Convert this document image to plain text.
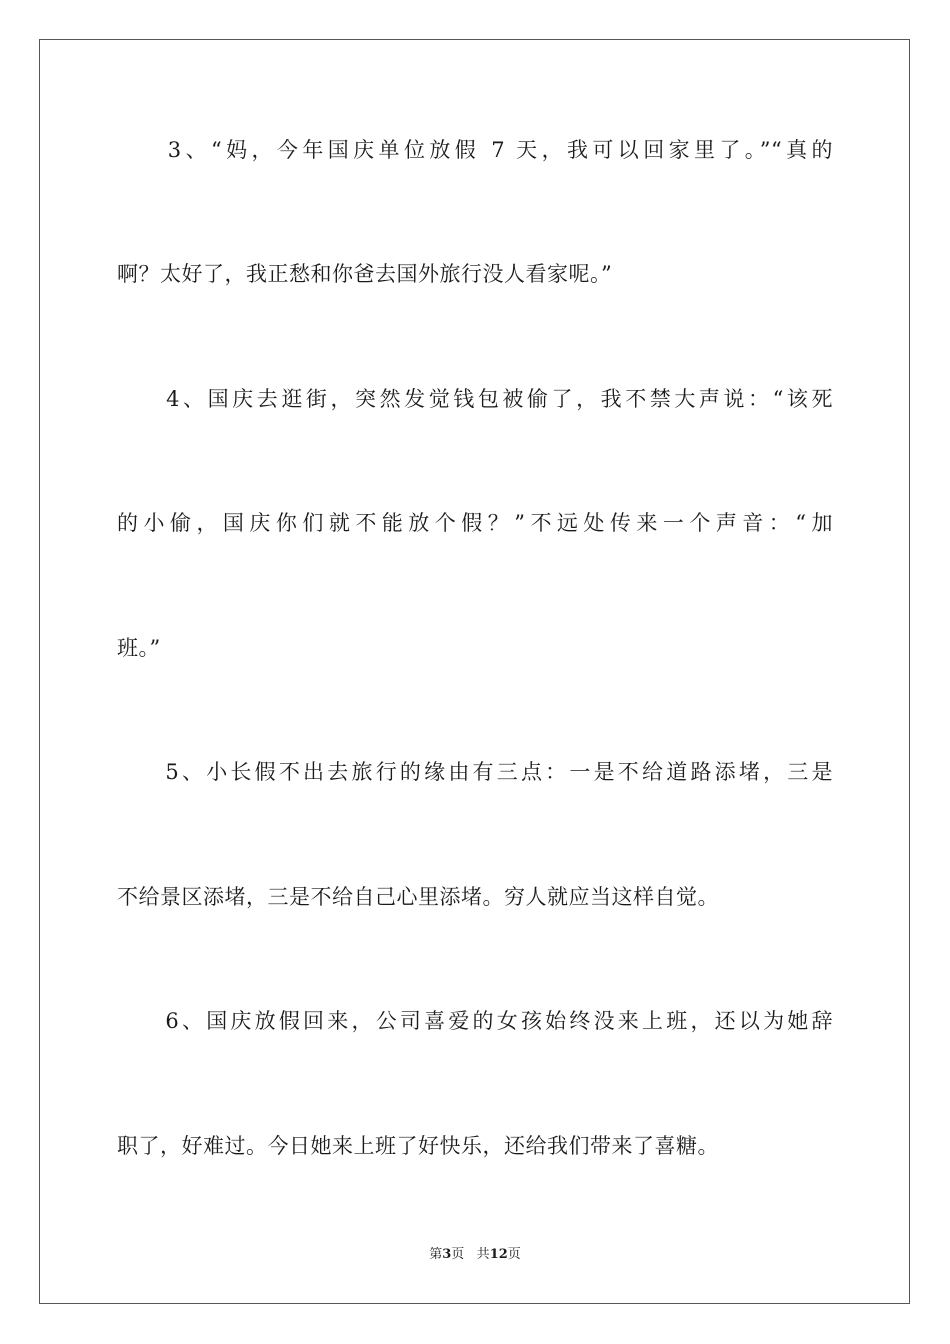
　　3、“妈，今年国庆单位放假 7 天，我可以回家里了。”“真的
啊？太好了，我正愁和你爸去国外旅行没人看家呢。”
　　4、国庆去逛街，突然发觉钱包被偷了，我不禁大声说：“该死
的小偷，国庆你们就不能放个假？”不远处传来一个声音：“加
班。”
　　5、小长假不出去旅行的缘由有三点：一是不给道路添堵，三是
不给景区添堵，三是不给自己心里添堵。穷人就应当这样自觉。
　　6、国庆放假回来，公司喜爱的女孩始终没来上班，还以为她辞
职了，好难过。今日她来上班了好快乐，还给我们带来了喜糖。
第3页 共12页
